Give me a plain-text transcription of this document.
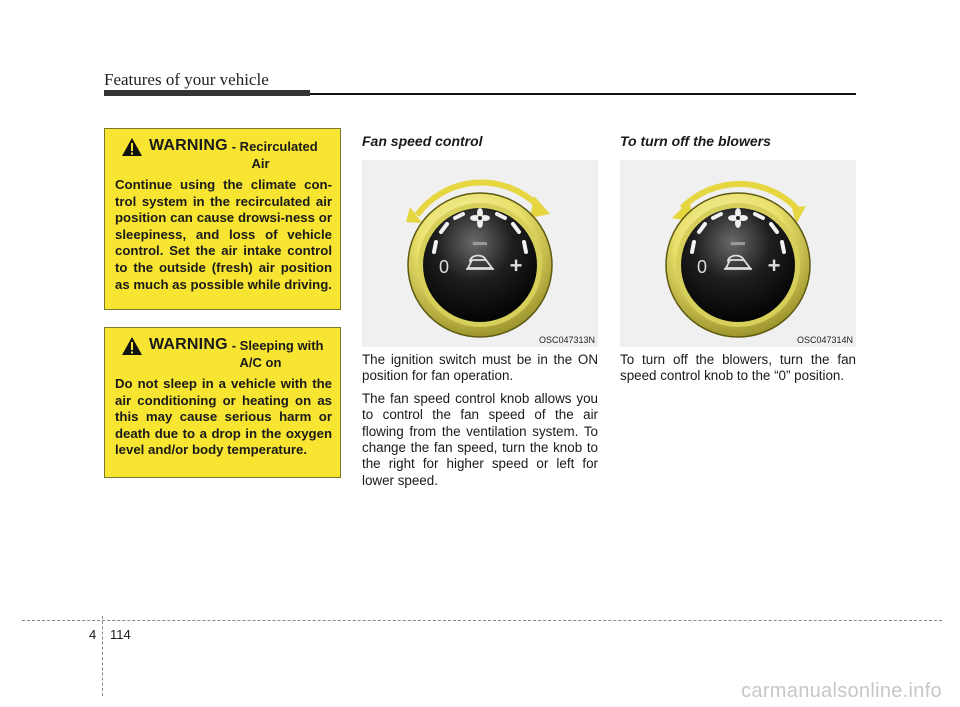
Features of your vehicle
WARNING - Recirculated
Air
Continue using the climate con-trol system in the recirculated air position can cause drowsi-ness or sleepiness, and loss of vehicle control. Set the air intake control to the outside (fresh) air position as much as possible while driving.
WARNING - Sleeping with
A/C on
Do not sleep in a vehicle with the air conditioning or heating on as this may cause serious harm or death due to a drop in the oxygen level and/or body temperature.
Fan speed control
−
0	+
OSC047313N

The ignition switch must be in the ON position for fan operation.

The fan speed control knob allows you to control the fan speed of the air flowing from the ventilation system. To change the fan speed, turn the knob to the right for higher speed or left for lower speed.

To turn off the blowers
−
0	+
OSC047314N

To turn off the blowers, turn the fan speed control knob to the “0” position.

4 114
carmanualsonline.info
